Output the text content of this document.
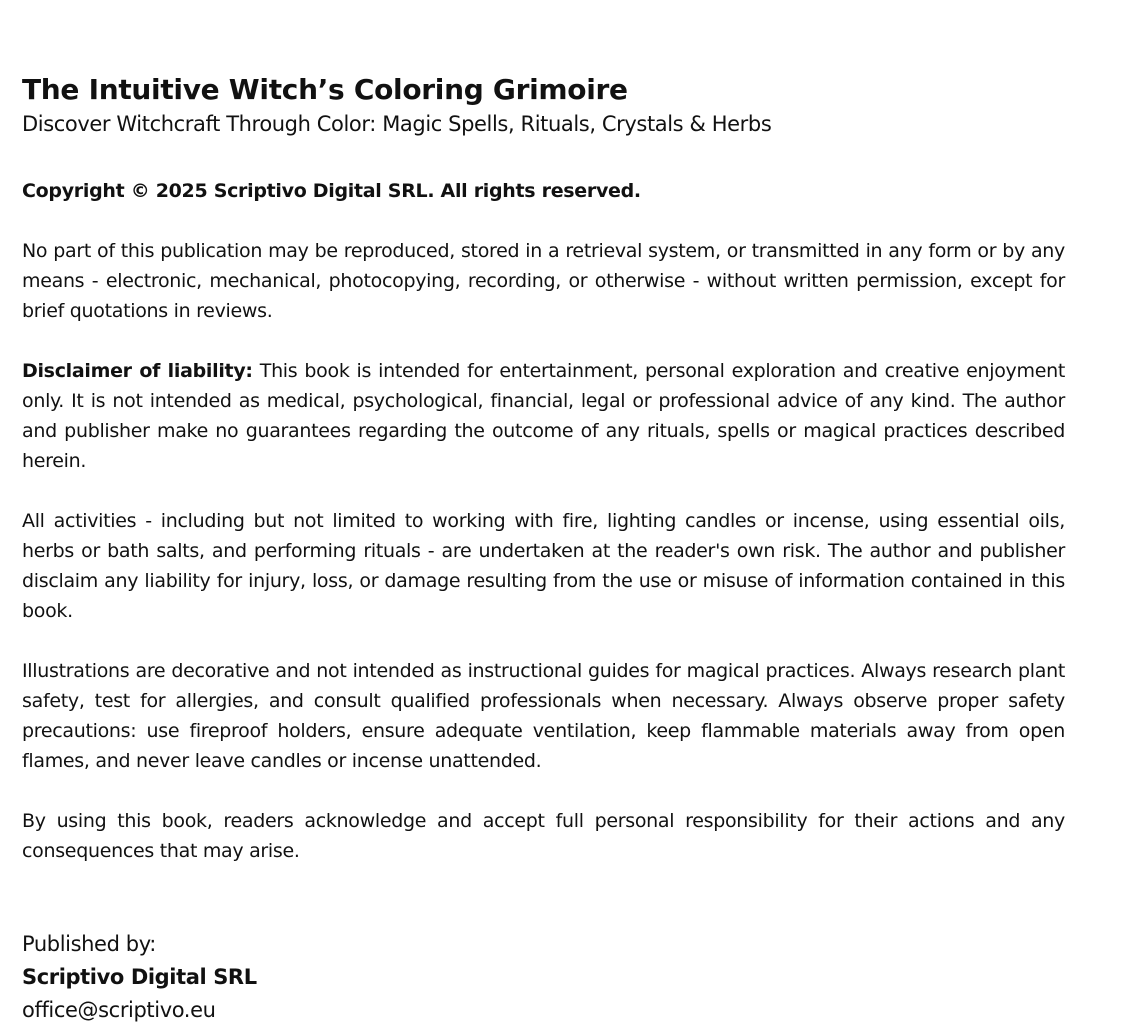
The Intuitive Witch’s Coloring Grimoire
Discover Witchcraft Through Color: Magic Spells, Rituals, Crystals & Herbs

Copyright © 2025 Scriptivo Digital SRL. All rights reserved.

No part of this publication may be reproduced, stored in a retrieval system, or transmitted in any form or by any means - electronic, mechanical, photocopying, recording, or otherwise - without written permission, except for brief quotations in reviews.

Disclaimer of liability: This book is intended for entertainment, personal exploration and creative enjoyment only. It is not intended as medical, psychological, financial, legal or professional advice of any kind. The author and publisher make no guarantees regarding the outcome of any rituals, spells or magical practices described herein.

All activities - including but not limited to working with fire, lighting candles or incense, using essential oils, herbs or bath salts, and performing rituals - are undertaken at the reader's own risk. The author and publisher disclaim any liability for injury, loss, or damage resulting from the use or misuse of information contained in this book.

Illustrations are decorative and not intended as instructional guides for magical practices. Always research plant safety, test for allergies, and consult qualified professionals when necessary. Always observe proper safety precautions: use fireproof holders, ensure adequate ventilation, keep flammable materials away from open flames, and never leave candles or incense unattended.

By using this book, readers acknowledge and accept full personal responsibility for their actions and any consequences that may arise.

Published by:
Scriptivo Digital SRL
office@scriptivo.eu
